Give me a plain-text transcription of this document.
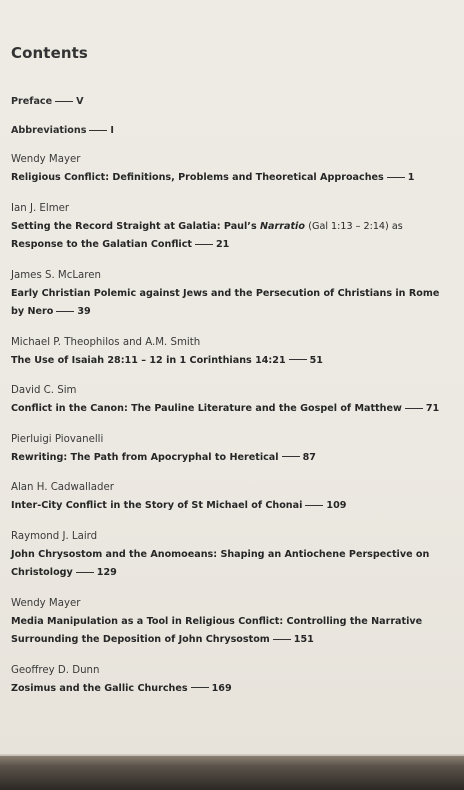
Contents
Preface	V
Abbreviations	I
Wendy Mayer
Religious Conflict: Definitions, Problems and Theoretical Approaches	1
Ian J. Elmer
Setting the Record Straight at Galatia: Paul’s Narratio (Gal 1:13 – 2:14) as
Response to the Galatian Conflict	21
James S. McLaren
Early Christian Polemic against Jews and the Persecution of Christians in Rome
by Nero	39
Michael P. Theophilos and A.M. Smith
The Use of Isaiah 28:11 – 12 in 1 Corinthians 14:21	51
David C. Sim
Conflict in the Canon: The Pauline Literature and the Gospel of Matthew	71
Pierluigi Piovanelli
Rewriting: The Path from Apocryphal to Heretical	87
Alan H. Cadwallader
Inter-City Conflict in the Story of St Michael of Chonai	109
Raymond J. Laird
John Chrysostom and the Anomoeans: Shaping an Antiochene Perspective on
Christology	129
Wendy Mayer
Media Manipulation as a Tool in Religious Conflict: Controlling the Narrative
Surrounding the Deposition of John Chrysostom	151
Geoffrey D. Dunn
Zosimus and the Gallic Churches	169
